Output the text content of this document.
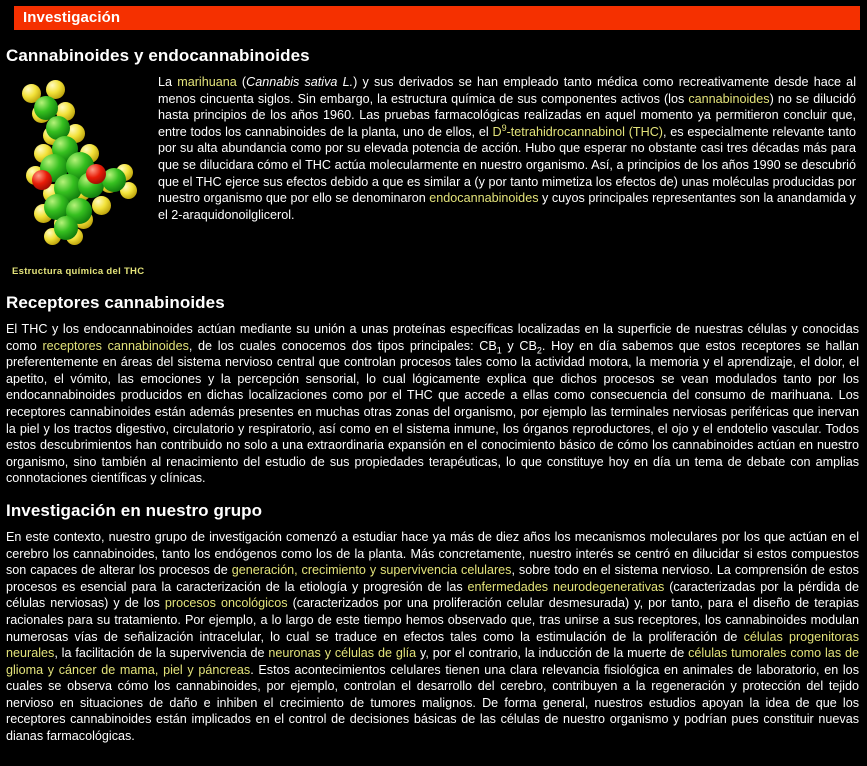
Investigación
Cannabinoides y endocannabinoides
Estructura química del THC

La marihuana (Cannabis sativa L.) y sus derivados se han empleado tanto médica como recreativamente desde hace al menos cincuenta siglos. Sin embargo, la estructura química de sus componentes activos (los cannabinoides) no se dilucidó hasta principios de los años 1960. Las pruebas farmacológicas realizadas en aquel momento ya permitieron concluir que, entre todos los cannabinoides de la planta, uno de ellos, el $D^9$-tetrahidrocannabinol (THC), es especialmente relevante tanto por su alta abundancia como por su elevada potencia de acción. Hubo que esperar no obstante casi tres décadas más para que se dilucidara cómo el THC actúa molecularmente en nuestro organismo. Así, a principios de los años 1990 se descubrió que el THC ejerce sus efectos debido a que es similar a (y por tanto mimetiza los efectos de) unas moléculas producidas por nuestro organismo que por ello se denominaron endocannabinoides y cuyos principales representantes son la anandamida y el 2-araquidonoilglicerol.

Receptores cannabinoides

El THC y los endocannabinoides actúan mediante su unión a unas proteínas específicas localizadas en la superficie de nuestras células y conocidas como receptores cannabinoides, de los cuales conocemos dos tipos principales: $CB_1$ y $CB_2$. Hoy en día sabemos que estos receptores se hallan preferentemente en áreas del sistema nervioso central que controlan procesos tales como la actividad motora, la memoria y el aprendizaje, el dolor, el apetito, el vómito, las emociones y la percepción sensorial, lo cual lógicamente explica que dichos procesos se vean modulados tanto por los endocannabinoides producidos en dichas localizaciones como por el THC que accede a ellas como consecuencia del consumo de marihuana. Los receptores cannabinoides están además presentes en muchas otras zonas del organismo, por ejemplo las terminales nerviosas periféricas que inervan la piel y los tractos digestivo, circulatorio y respiratorio, así como en el sistema inmune, los órganos reproductores, el ojo y el endotelio vascular. Todos estos descubrimientos han contribuido no solo a una extraordinaria expansión en el conocimiento básico de cómo los cannabinoides actúan en nuestro organismo, sino también al renacimiento del estudio de sus propiedades terapéuticas, lo que constituye hoy en día un tema de debate con amplias connotaciones científicas y clínicas.

Investigación en nuestro grupo

En este contexto, nuestro grupo de investigación comenzó a estudiar hace ya más de diez años los mecanismos moleculares por los que actúan en el cerebro los cannabinoides, tanto los endógenos como los de la planta. Más concretamente, nuestro interés se centró en dilucidar si estos compuestos son capaces de alterar los procesos de generación, crecimiento y supervivencia celulares, sobre todo en el sistema nervioso. La comprensión de estos procesos es esencial para la caracterización de la etiología y progresión de las enfermedades neurodegenerativas (caracterizadas por la pérdida de células nerviosas) y de los procesos oncológicos (caracterizados por una proliferación celular desmesurada) y, por tanto, para el diseño de terapias racionales para su tratamiento. Por ejemplo, a lo largo de este tiempo hemos observado que, tras unirse a sus receptores, los cannabinoides modulan numerosas vías de señalización intracelular, lo cual se traduce en efectos tales como la estimulación de la proliferación de células progenitoras neurales, la facilitación de la supervivencia de neuronas y células de glía y, por el contrario, la inducción de la muerte de células tumorales como las de glioma y cáncer de mama, piel y páncreas. Estos acontecimientos celulares tienen una clara relevancia fisiológica en animales de laboratorio, en los cuales se observa cómo los cannabinoides, por ejemplo, controlan el desarrollo del cerebro, contribuyen a la regeneración y protección del tejido nervioso en situaciones de daño e inhiben el crecimiento de tumores malignos. De forma general, nuestros estudios apoyan la idea de que los receptores cannabinoides están implicados en el control de decisiones básicas de las células de nuestro organismo y podrían pues constituir nuevas dianas farmacológicas.
